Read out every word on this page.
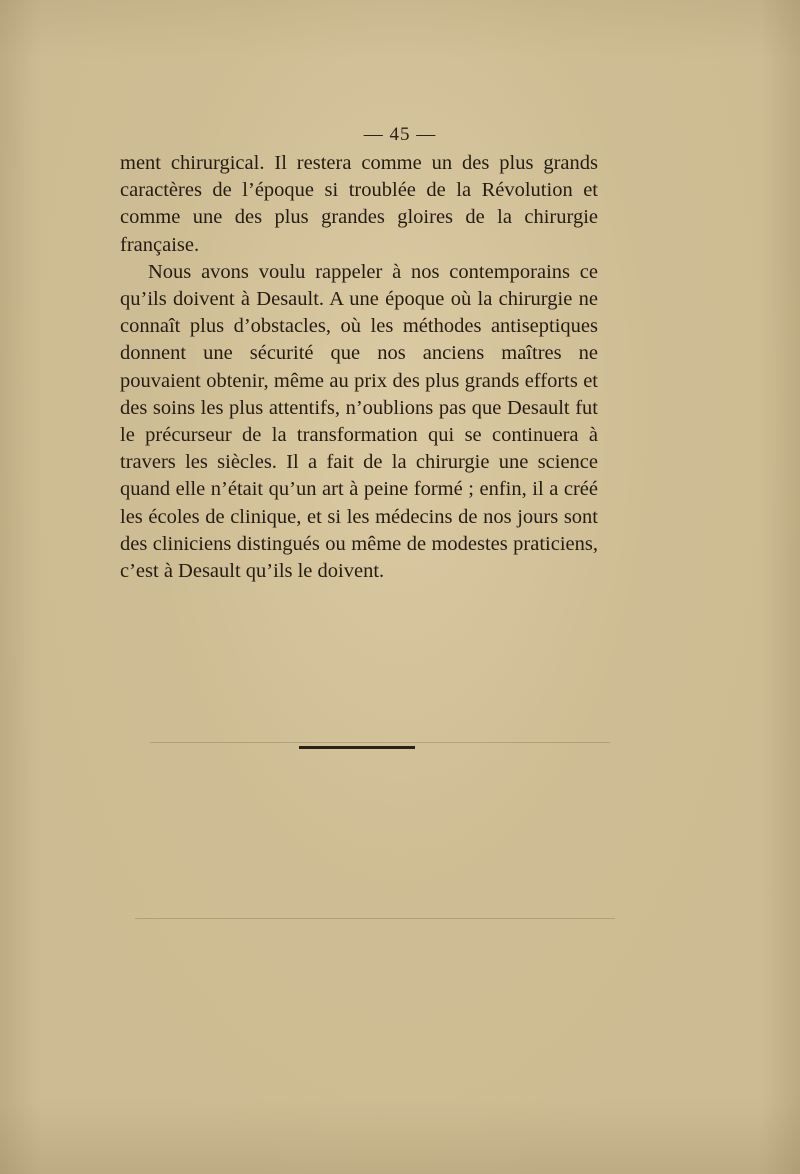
— 45 —

ment chirurgical. Il restera comme un des plus grands caractères de l’époque si troublée de la Révolution et comme une des plus grandes gloires de la chirurgie française.

Nous avons voulu rappeler à nos contemporains ce qu’ils doivent à Desault. A une époque où la chirurgie ne connaît plus d’obstacles, où les méthodes antiseptiques donnent une sécurité que nos anciens maîtres ne pouvaient obtenir, même au prix des plus grands efforts et des soins les plus attentifs, n’oublions pas que Desault fut le précurseur de la transformation qui se continuera à travers les siècles. Il a fait de la chirurgie une science quand elle n’était qu’un art à peine formé ; enfin, il a créé les écoles de clinique, et si les médecins de nos jours sont des cliniciens distingués ou même de modestes praticiens, c’est à Desault qu’ils le doivent.
